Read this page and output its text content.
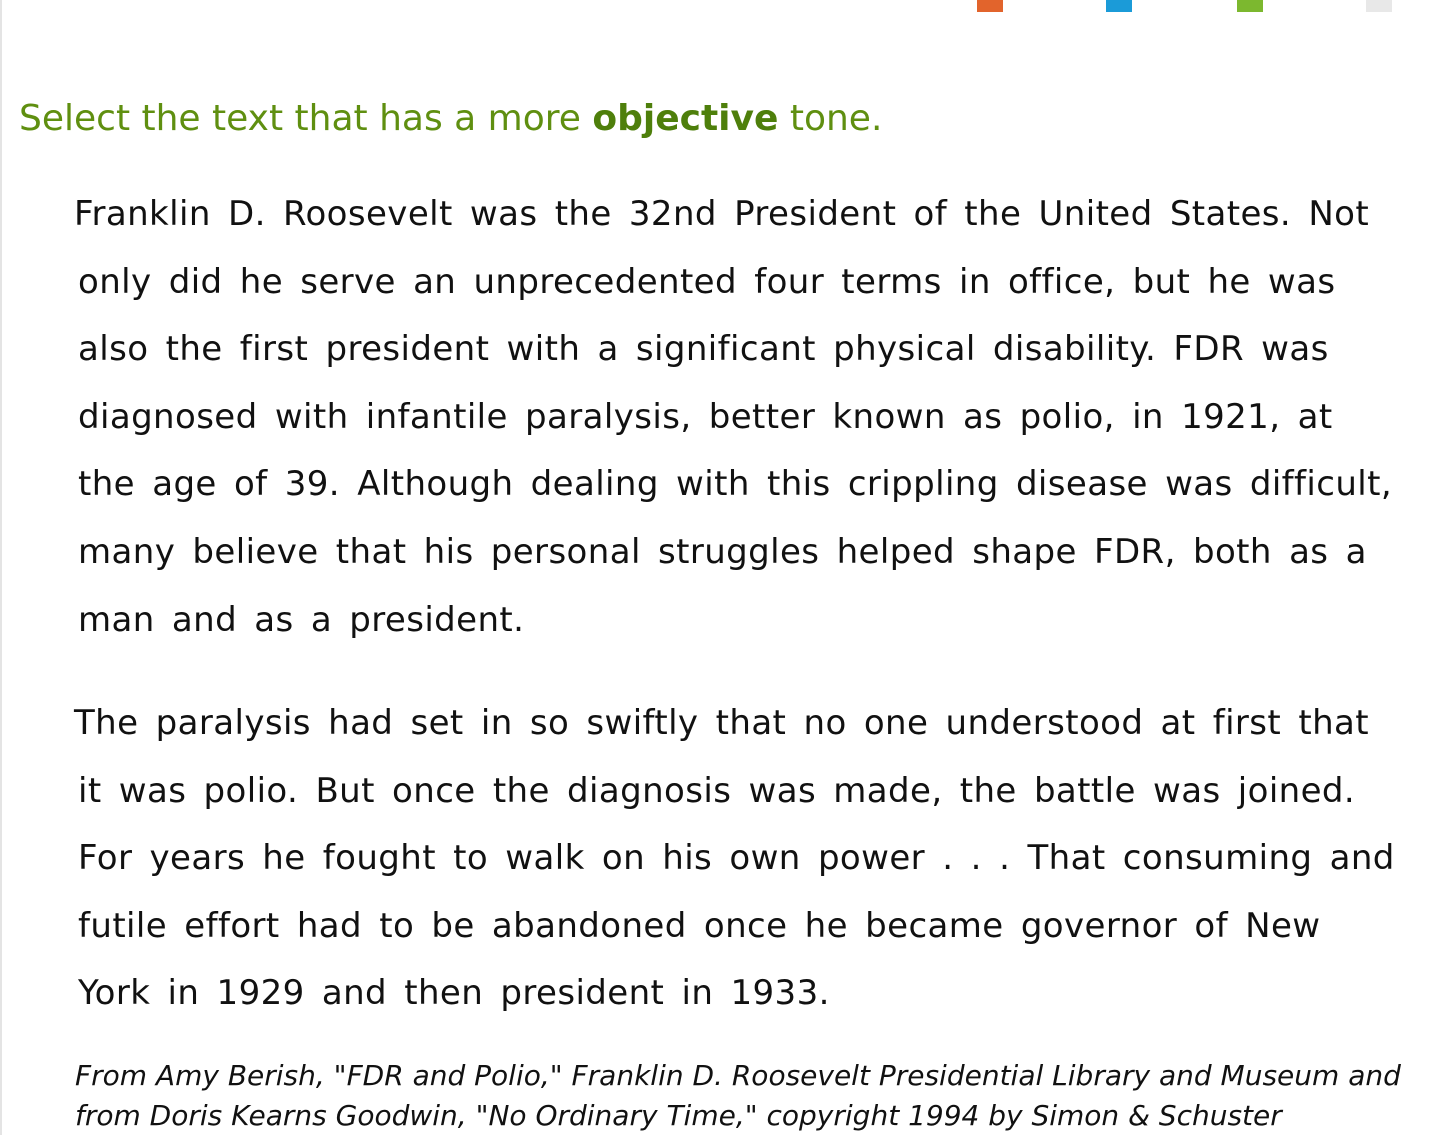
Select the text that has a more objective tone.
Franklin D. Roosevelt was the 32nd President of the United States. Not
only did he serve an unprecedented four terms in office, but he was
also the first president with a significant physical disability. FDR was
diagnosed with infantile paralysis, better known as polio, in 1921, at
the age of 39. Although dealing with this crippling disease was difficult,
many believe that his personal struggles helped shape FDR, both as a
man and as a president.
The paralysis had set in so swiftly that no one understood at first that
it was polio. But once the diagnosis was made, the battle was joined.
For years he fought to walk on his own power . . . That consuming and
futile effort had to be abandoned once he became governor of New
York in 1929 and then president in 1933.
From Amy Berish, "FDR and Polio," Franklin D. Roosevelt Presidential Library and Museum and
from Doris Kearns Goodwin, "No Ordinary Time," copyright 1994 by Simon & Schuster
